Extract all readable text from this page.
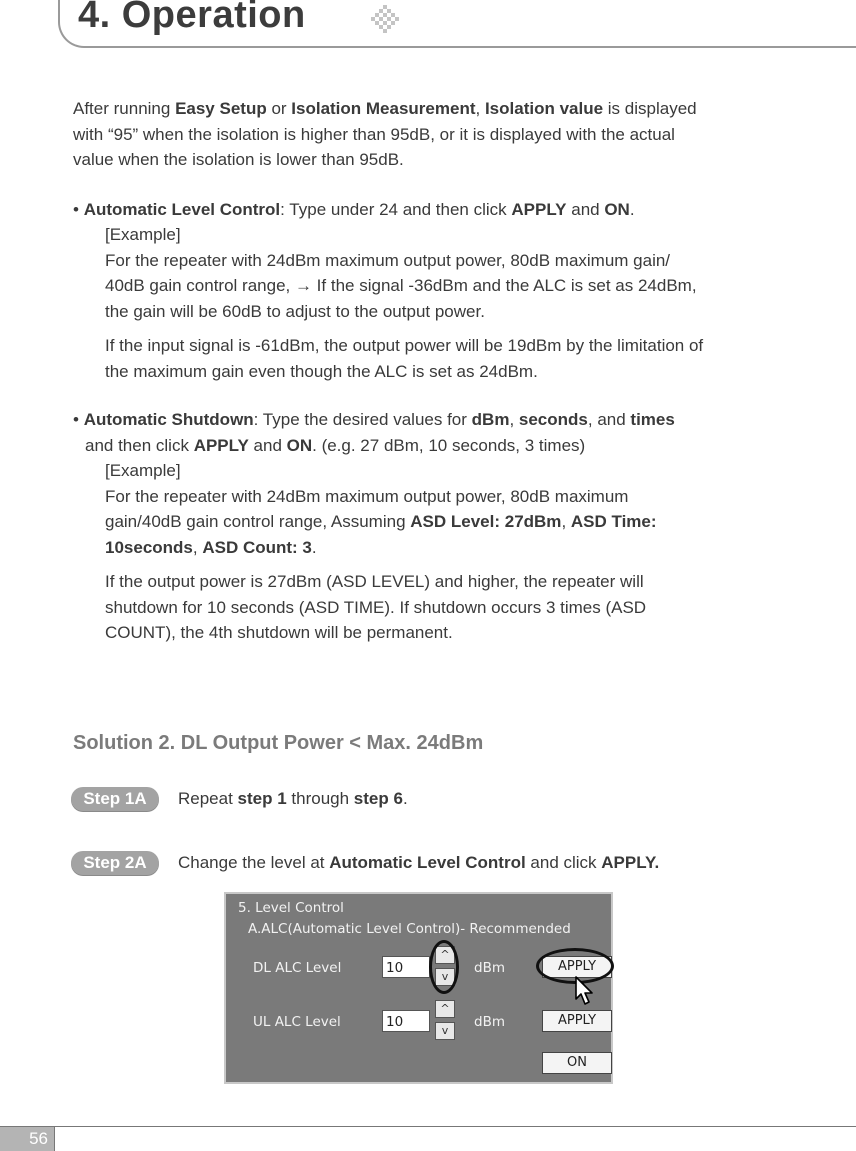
4. Operation

After running Easy Setup or Isolation Measurement, Isolation value is displayed

with “95” when the isolation is higher than 95dB, or it is displayed with the actual

value when the isolation is lower than 95dB.

• Automatic Level Control: Type under 24 and then click APPLY and ON.

[Example]

For the repeater with 24dBm maximum output power, 80dB maximum gain/

40dB gain control range, → If the signal -36dBm and the ALC is set as 24dBm,

the gain will be 60dB to adjust to the output power.

If the input signal is -61dBm, the output power will be 19dBm by the limitation of

the maximum gain even though the ALC is set as 24dBm.

• Automatic Shutdown: Type the desired values for dBm, seconds, and times

and then click APPLY and ON. (e.g. 27 dBm, 10 seconds, 3 times)

[Example]

For the repeater with 24dBm maximum output power, 80dB maximum

gain/40dB gain control range, Assuming ASD Level: 27dBm, ASD Time:

10seconds, ASD Count: 3.

If the output power is 27dBm (ASD LEVEL) and higher, the repeater will

shutdown for 10 seconds (ASD TIME). If shutdown occurs 3 times (ASD

COUNT), the 4th shutdown will be permanent.

Solution 2. DL Output Power < Max. 24dBm
Step 1A	Repeat step 1 through step 6.
Step 2A	Change the level at Automatic Level Control and click APPLY.

5. Level Control

A.ALC(Automatic Level Control)- Recommended

DL ALC Level	10
^
v
dBm	APPLY
UL ALC Level	10
^
v
dBm	APPLY
ON
56
